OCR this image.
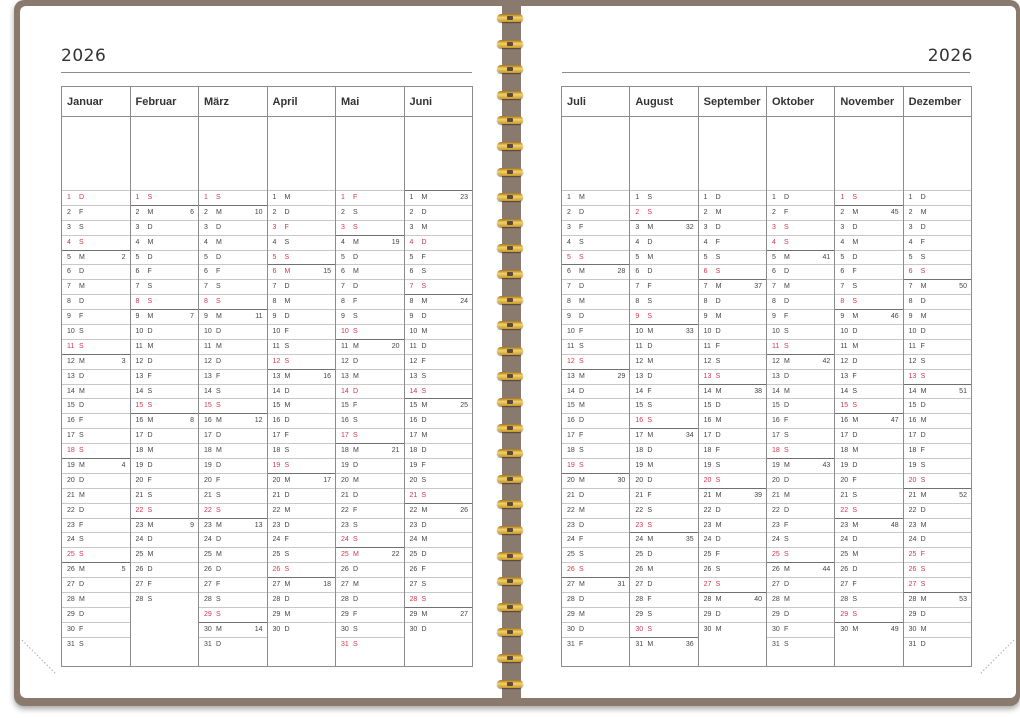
2026
Januar
1	D
2	F
3	S
4	S
5	M	2
6	D
7	M
8	D
9	F
10 S
11 S
12 M	3
13 D
14 M
15 D
16 F
17 S
18 S
19 M	4
20 D
21 M
22 D
23 F
24 S
25 S
26 M	5
27 D
28 M
29 D
30 F
31 S
Februar
1	S
2	M	6
3	D
4	M
5	D
6	F
7	S
8	S
9	M	7
10 D
11 M
12 D
13 F
14 S
15 S
16 M	8
17 D
18 M
19 D
20 F
21 S
22 S
23 M	9
24 D
25 M
26 D
27 F
28 S
März
1	S
2	M	10
3	D
4	M
5	D
6	F
7	S
8	S
9	M	11
10 D
11 M
12 D
13 F
14 S
15 S
16 M	12
17 D
18 M
19 D
20 F
21 S
22 S
23 M	13
24 D
25 M
26 D
27 F
28 S
29 S
30 M	14
31 D
April
1	M
2	D
3	F
4	S
5	S
6	M	15
7	D
8	M
9	D
10 F
11 S
12 S
13 M	16
14 D
15 M
16 D
17 F
18 S
19 S
20 M	17
21 D
22 M
23 D
24 F
25 S
26 S
27 M	18
28 D
29 M
30 D
Mai
1	F
2	S
3	S
4	M	19
5	D
6	M
7	D
8	F
9	S
10 S
11 M	20
12 D
13 M
14 D
15 F
16 S
17 S
18 M	21
19 D
20 M
21 D
22 F
23 S
24 S
25 M	22
26 D
27 M
28 D
29 F
30 S
31 S
Juni
1	M	23
2	D
3	M
4	D
5	F
6	S
7	S
8	M	24
9	D
10 M
11 D
12 F
13 S
14 S
15 M	25
16 D
17 M
18 D
19 F
20 S
21 S
22 M	26
23 D
24 M
25 D
26 F
27 S
28 S
29 M	27
30 D
2026
Juli
1	M
2	D
3	F
4	S
5	S
6	M	28
7	D
8	M
9	D
10 F
11 S
12 S
13 M	29
14 D
15 M
16 D
17 F
18 S
19 S
20 M	30
21 D
22 M
23 D
24 F
25 S
26 S
27 M	31
28 D
29 M
30 D
31 F
August
1	S
2	S
3	M	32
4	D
5	M
6	D
7	F
8	S
9	S
10 M	33
11 D
12 M
13 D
14 F
15 S
16 S
17 M	34
18 D
19 M
20 D
21 F
22 S
23 S
24 M	35
25 D
26 M
27 D
28 F
29 S
30 S
31 M	36
September
1	D
2	M
3	D
4	F
5	S
6	S
7	M	37
8	D
9	M
10 D
11 F
12 S
13 S
14 M	38
15 D
16 M
17 D
18 F
19 S
20 S
21 M	39
22 D
23 M
24 D
25 F
26 S
27 S
28 M	40
29 D
30 M
Oktober
1	D
2	F
3	S
4	S
5	M	41
6	D
7	M
8	D
9	F
10 S
11 S
12 M	42
13 D
14 M
15 D
16 F
17 S
18 S
19 M	43
20 D
21 M
22 D
23 F
24 S
25 S
26 M	44
27 D
28 M
29 D
30 F
31 S
November
1	S
2	M	45
3	D
4	M
5	D
6	F
7	S
8	S
9	M	46
10 D
11 M
12 D
13 F
14 S
15 S
16 M	47
17 D
18 M
19 D
20 F
21 S
22 S
23 M	48
24 D
25 M
26 D
27 F
28 S
29 S
30 M	49
Dezember
1	D
2	M
3	D
4	F
5	S
6	S
7	M	50
8	D
9	M
10 D
11 F
12 S
13 S
14 M	51
15 D
16 M
17 D
18 F
19 S
20 S
21 M	52
22 D
23 M
24 D
25 F
26 S
27 S
28 M	53
29 D
30 M
31 D
